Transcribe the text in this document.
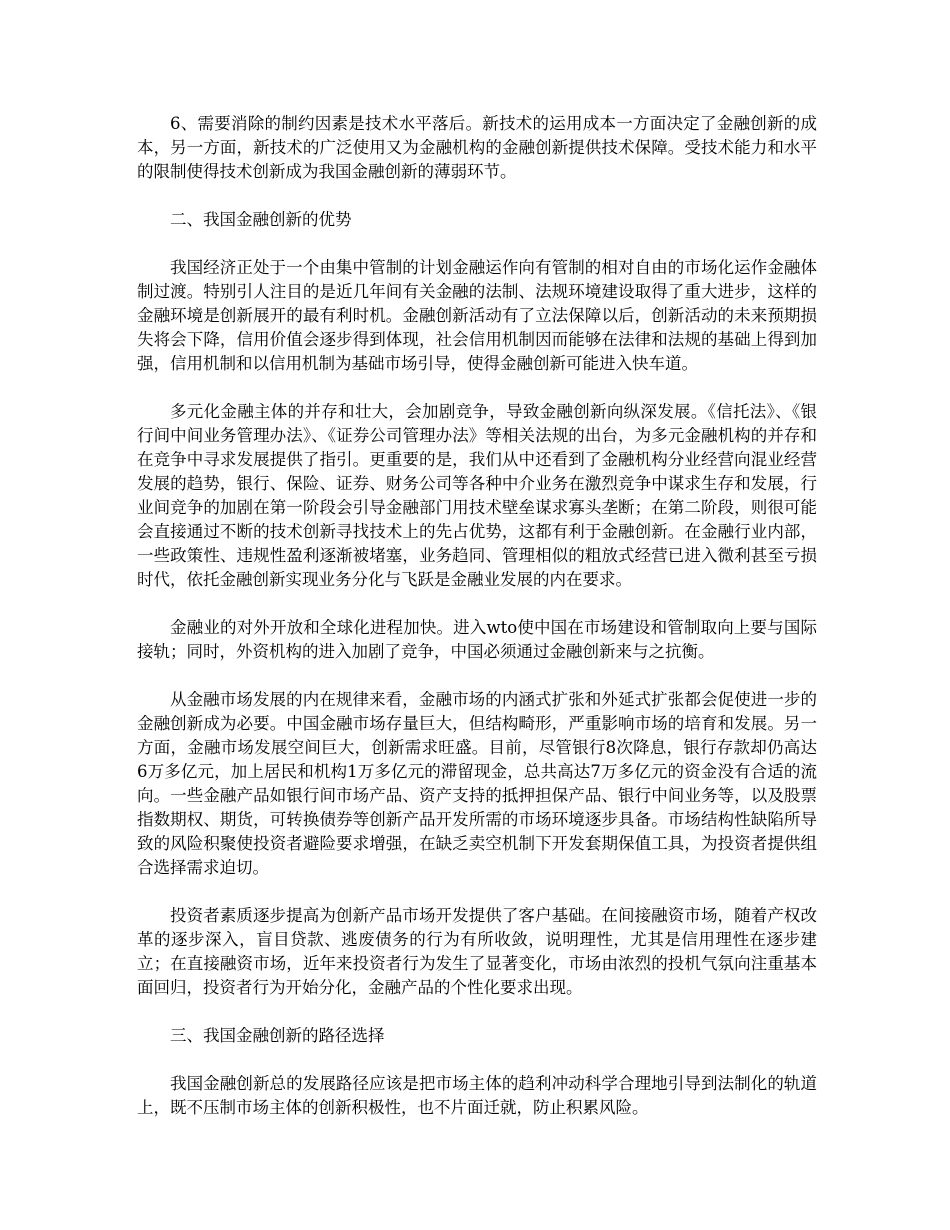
6、需要消除的制约因素是技术水平落后。新技术的运用成本一方面决定了金融创新的成本，另一方面，新技术的广泛使用又为金融机构的金融创新提供技术保障。受技术能力和水平的限制使得技术创新成为我国金融创新的薄弱环节。

二、我国金融创新的优势

我国经济正处于一个由集中管制的计划金融运作向有管制的相对自由的市场化运作金融体制过渡。特别引人注目的是近几年间有关金融的法制、法规环境建设取得了重大进步，这样的金融环境是创新展开的最有利时机。金融创新活动有了立法保障以后，创新活动的未来预期损失将会下降，信用价值会逐步得到体现，社会信用机制因而能够在法律和法规的基础上得到加强，信用机制和以信用机制为基础市场引导，使得金融创新可能进入快车道。

多元化金融主体的并存和壮大，会加剧竞争，导致金融创新向纵深发展。《信托法》、《银行间中间业务管理办法》、《证券公司管理办法》等相关法规的出台，为多元金融机构的并存和在竞争中寻求发展提供了指引。更重要的是，我们从中还看到了金融机构分业经营向混业经营发展的趋势，银行、保险、证券、财务公司等各种中介业务在激烈竞争中谋求生存和发展，行业间竞争的加剧在第一阶段会引导金融部门用技术壁垒谋求寡头垄断；在第二阶段，则很可能会直接通过不断的技术创新寻找技术上的先占优势，这都有利于金融创新。在金融行业内部，一些政策性、违规性盈利逐渐被堵塞，业务趋同、管理相似的粗放式经营已进入微利甚至亏损时代，依托金融创新实现业务分化与飞跃是金融业发展的内在要求。

金融业的对外开放和全球化进程加快。进入wto使中国在市场建设和管制取向上要与国际接轨；同时，外资机构的进入加剧了竞争，中国必须通过金融创新来与之抗衡。

从金融市场发展的内在规律来看，金融市场的内涵式扩张和外延式扩张都会促使进一步的金融创新成为必要。中国金融市场存量巨大，但结构畸形，严重影响市场的培育和发展。另一方面，金融市场发展空间巨大，创新需求旺盛。目前，尽管银行8次降息，银行存款却仍高达6万多亿元，加上居民和机构1万多亿元的滞留现金，总共高达7万多亿元的资金没有合适的流向。一些金融产品如银行间市场产品、资产支持的抵押担保产品、银行中间业务等，以及股票指数期权、期货，可转换债券等创新产品开发所需的市场环境逐步具备。市场结构性缺陷所导致的风险积聚使投资者避险要求增强，在缺乏卖空机制下开发套期保值工具，为投资者提供组合选择需求迫切。

投资者素质逐步提高为创新产品市场开发提供了客户基础。在间接融资市场，随着产权改革的逐步深入，盲目贷款、逃废债务的行为有所收敛，说明理性，尤其是信用理性在逐步建立；在直接融资市场，近年来投资者行为发生了显著变化，市场由浓烈的投机气氛向注重基本面回归，投资者行为开始分化，金融产品的个性化要求出现。

三、我国金融创新的路径选择

我国金融创新总的发展路径应该是把市场主体的趋利冲动科学合理地引导到法制化的轨道上，既不压制市场主体的创新积极性，也不片面迁就，防止积累风险。
